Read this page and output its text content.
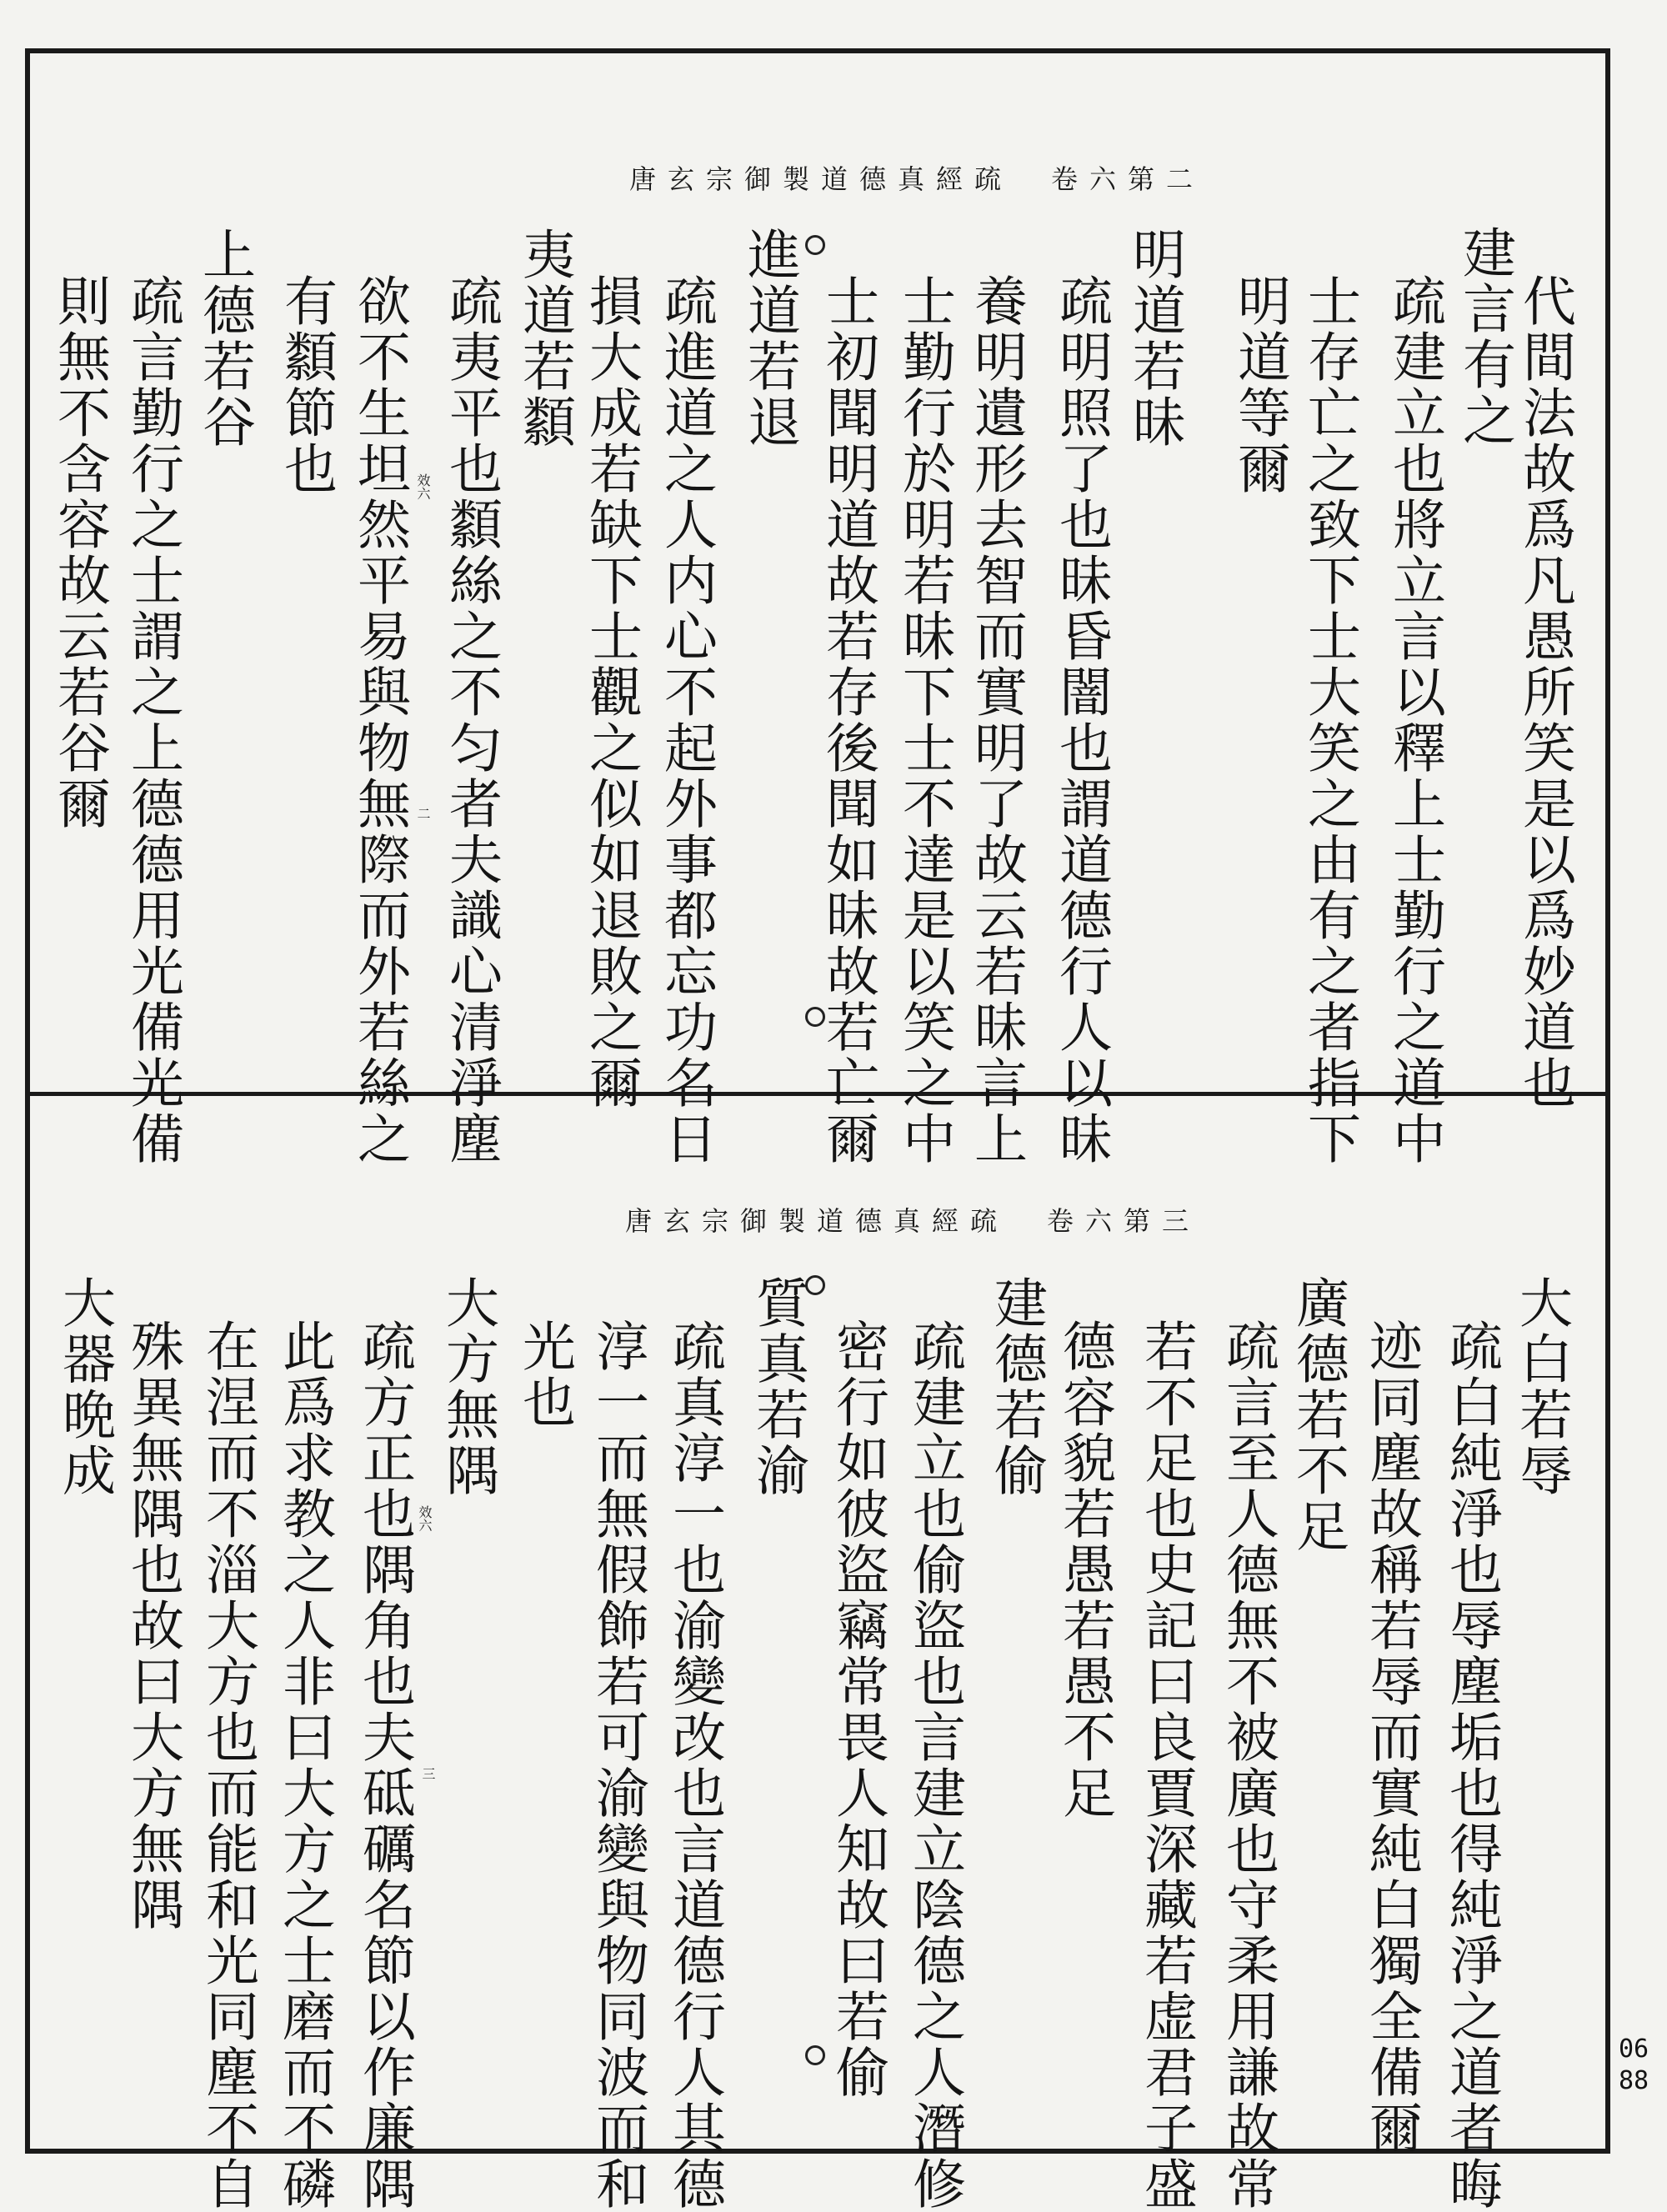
唐玄宗御製道德真經疏　卷六第二
代間法故爲凡愚所笑是以爲妙道也
建言有之
疏建立也將立言以釋上士勤行之道中
士存亡之致下士大笑之由有之者指下
明道等爾
明道若昧
疏明照了也昧昏闇也謂道德行人以昧
養明遺形去智而實明了故云若昧言上
士勤行於明若昧下士不達是以笑之中
士初聞明道故若存後聞如昧故若亡爾
進道若退
疏進道之人内心不起外事都忘功名日
損大成若缺下士觀之似如退敗之爾
夷道若纇
疏夷平也纇絲之不匀者夫識心清淨塵
欲不生坦然平易與物無際而外若絲之
有纇節也
上德若谷
疏言勤行之士謂之上德德用光備光備
則無不含容故云若谷爾	效六
二
唐玄宗御製道德真經疏　卷六第三
大白若辱
疏白純淨也辱塵垢也得純淨之道者晦
迹同塵故稱若辱而實純白獨全備爾
廣德若不足
疏言至人德無不被廣也守柔用謙故常
若不足也史記曰良賈深藏若虚君子盛
德容貌若愚若愚不足
建德若偷
疏建立也偷盜也言建立陰德之人潛修
密行如彼盜竊常畏人知故曰若偷
質真若渝
疏真淳一也渝變改也言道德行人其德
淳一而無假飾若可渝變與物同波而和
光也
大方無隅
疏方正也隅角也夫砥礪名節以作廉隅
此爲求教之人非曰大方之士磨而不磷
在涅而不淄大方也而能和光同塵不自
殊異無隅也故曰大方無隅
大器晩成
效六
三
0688
